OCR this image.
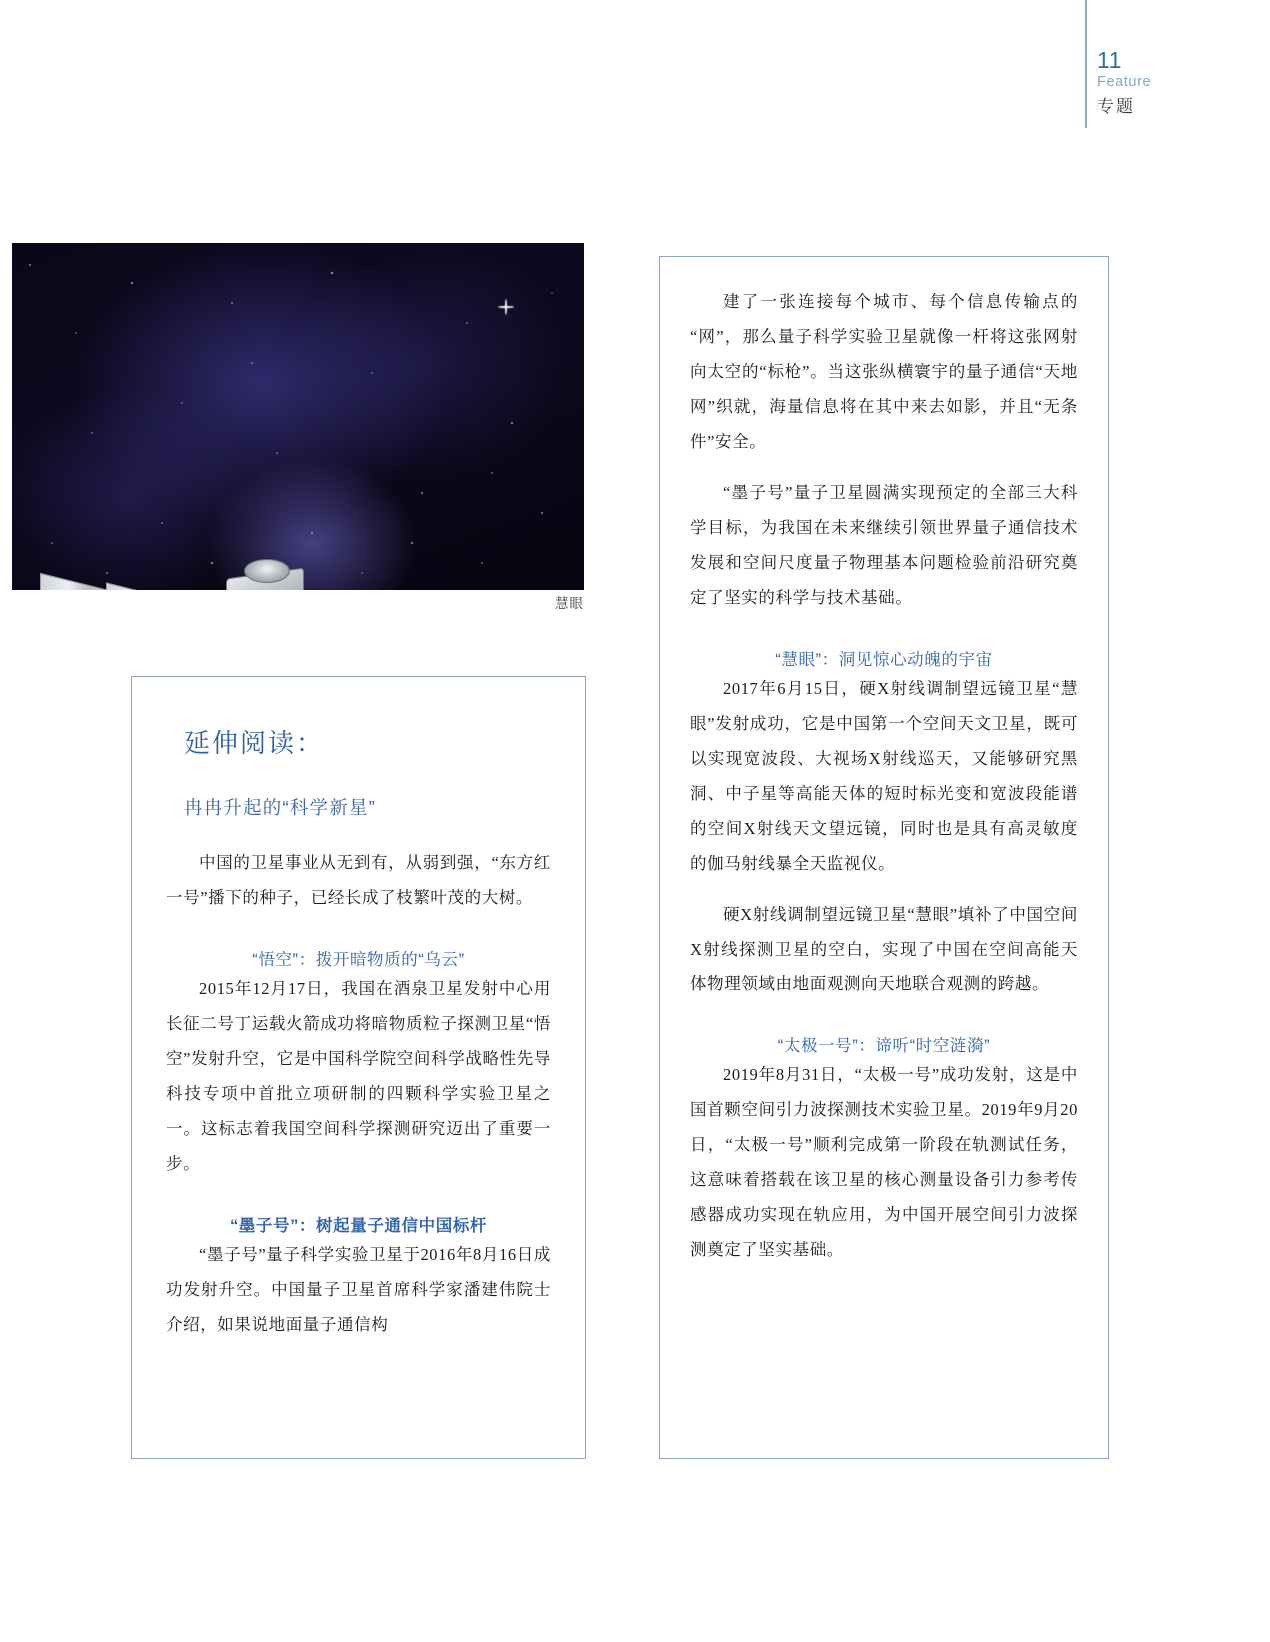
11
Feature
专题
慧眼
延伸阅读：
冉冉升起的“科学新星”

中国的卫星事业从无到有，从弱到强，“东方红一号”播下的种子，已经长成了枝繁叶茂的大树。

“悟空”：拨开暗物质的“乌云”

2015年12月17日，我国在酒泉卫星发射中心用长征二号丁运载火箭成功将暗物质粒子探测卫星“悟空”发射升空，它是中国科学院空间科学战略性先导科技专项中首批立项研制的四颗科学实验卫星之一。这标志着我国空间科学探测研究迈出了重要一步。

“墨子号”：树起量子通信中国标杆

“墨子号”量子科学实验卫星于2016年8月16日成功发射升空。中国量子卫星首席科学家潘建伟院士介绍，如果说地面量子通信构

建了一张连接每个城市、每个信息传输点的“网”，那么量子科学实验卫星就像一杆将这张网射向太空的“标枪”。当这张纵横寰宇的量子通信“天地网”织就，海量信息将在其中来去如影，并且“无条件”安全。

“墨子号”量子卫星圆满实现预定的全部三大科学目标，为我国在未来继续引领世界量子通信技术发展和空间尺度量子物理基本问题检验前沿研究奠定了坚实的科学与技术基础。

“慧眼”：洞见惊心动魄的宇宙

2017年6月15日，硬X射线调制望远镜卫星“慧眼”发射成功，它是中国第一个空间天文卫星，既可以实现宽波段、大视场X射线巡天，又能够研究黑洞、中子星等高能天体的短时标光变和宽波段能谱的空间X射线天文望远镜，同时也是具有高灵敏度的伽马射线暴全天监视仪。

硬X射线调制望远镜卫星“慧眼”填补了中国空间X射线探测卫星的空白，实现了中国在空间高能天体物理领域由地面观测向天地联合观测的跨越。

“太极一号”：谛听“时空涟漪”

2019年8月31日，“太极一号”成功发射，这是中国首颗空间引力波探测技术实验卫星。2019年9月20日，“太极一号”顺利完成第一阶段在轨测试任务，这意味着搭载在该卫星的核心测量设备引力参考传感器成功实现在轨应用，为中国开展空间引力波探测奠定了坚实基础。
